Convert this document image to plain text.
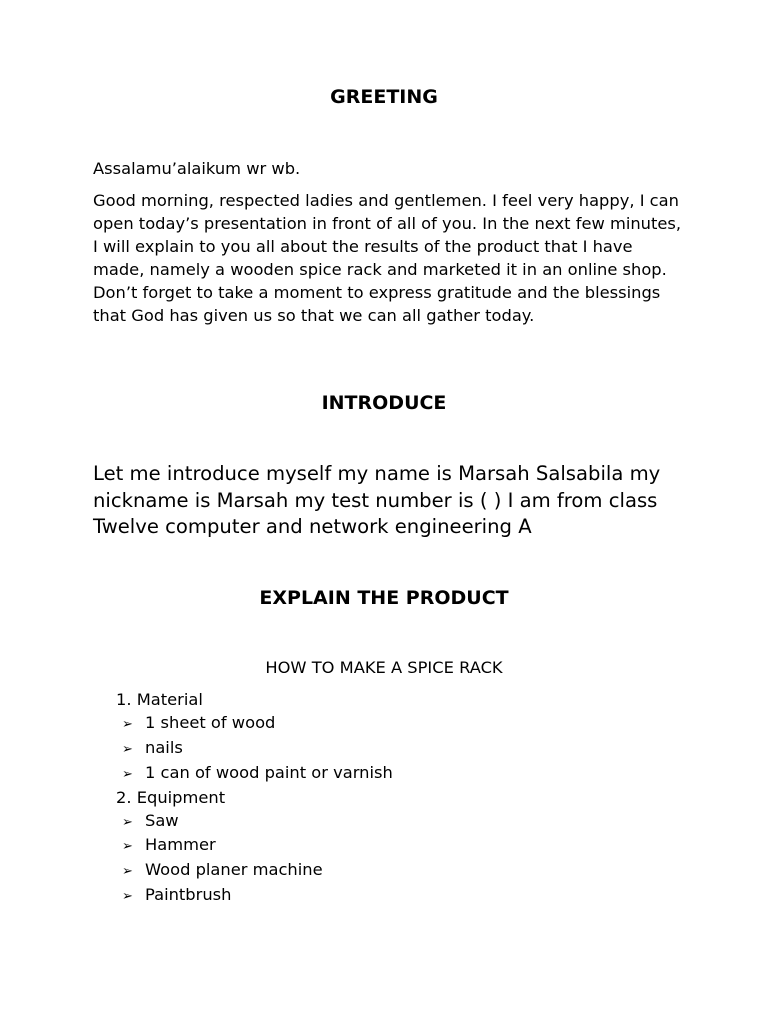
GREETING

Assalamu’alaikum wr wb.

Good morning, respected ladies and gentlemen. I feel very happy, I can open today’s presentation in front of all of you. In the next few minutes, I will explain to you all about the results of the product that I have made, namely a wooden spice rack and marketed it in an online shop. Don’t forget to take a moment to express gratitude and the blessings that God has given us so that we can all gather today.

INTRODUCE

Let me introduce myself my name is Marsah Salsabila my nickname is Marsah my test number is ( ) I am from class Twelve computer and network engineering A

EXPLAIN THE PRODUCT

HOW TO MAKE A SPICE RACK

1. Material
➢ 1 sheet of wood
➢ nails
➢ 1 can of wood paint or varnish
2. Equipment
➢ Saw
➢ Hammer
➢ Wood planer machine
➢ Paintbrush
